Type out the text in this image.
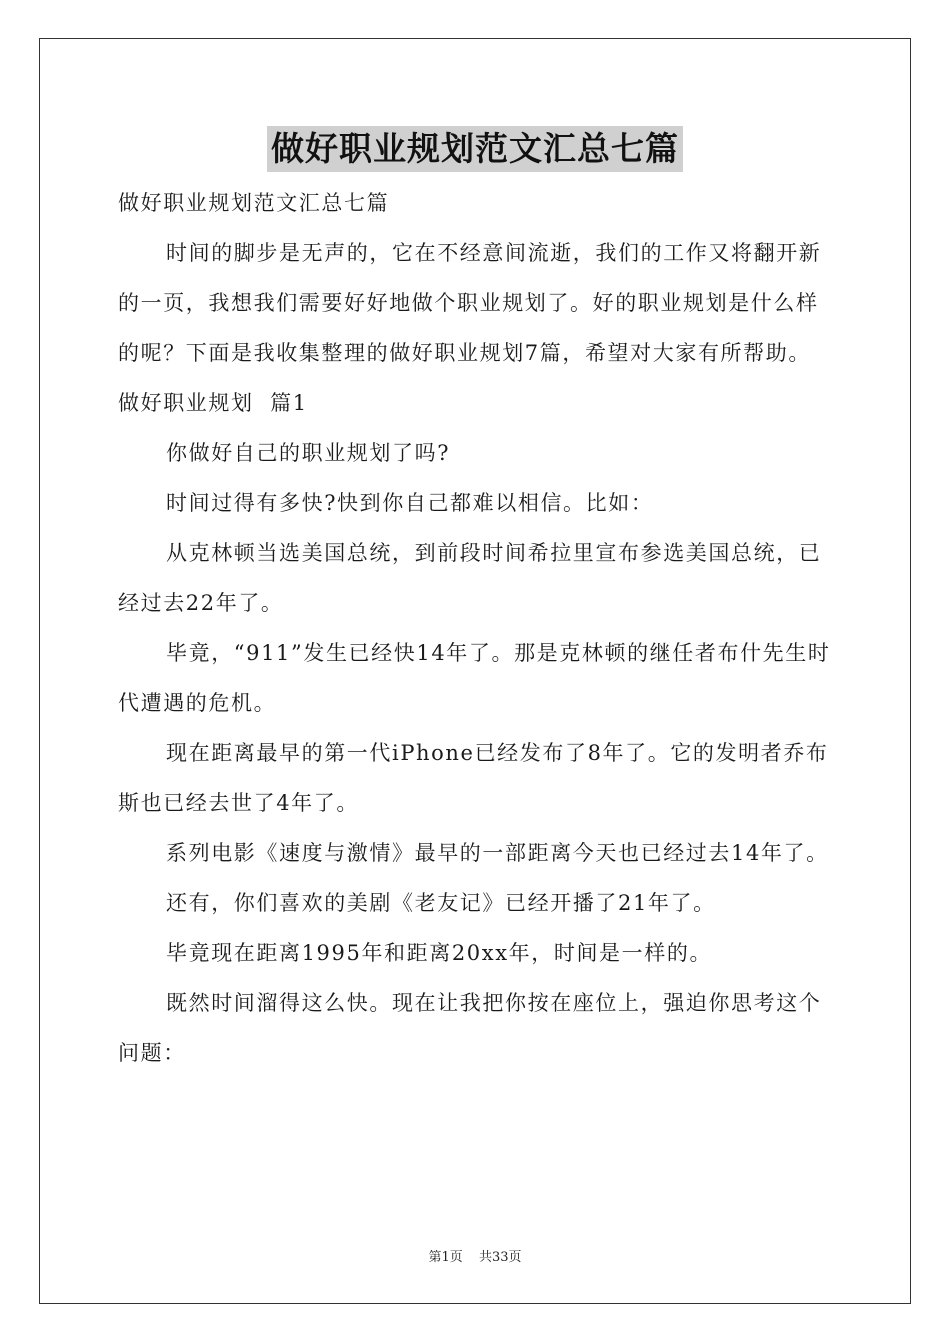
做好职业规划范文汇总七篇

做好职业规划范文汇总七篇

时间的脚步是无声的，它在不经意间流逝，我们的工作又将翻开新的一页，我想我们需要好好地做个职业规划了。好的职业规划是什么样的呢？下面是我收集整理的做好职业规划7篇，希望对大家有所帮助。

做好职业规划  篇1

你做好自己的职业规划了吗?

时间过得有多快?快到你自己都难以相信。比如：

从克林顿当选美国总统，到前段时间希拉里宣布参选美国总统，已经过去22年了。

毕竟，“911”发生已经快14年了。那是克林顿的继任者布什先生时代遭遇的危机。

现在距离最早的第一代iPhone已经发布了8年了。它的发明者乔布斯也已经去世了4年了。

系列电影《速度与激情》最早的一部距离今天也已经过去14年了。

还有，你们喜欢的美剧《老友记》已经开播了21年了。

毕竟现在距离1995年和距离20xx年，时间是一样的。

既然时间溜得这么快。现在让我把你按在座位上，强迫你思考这个问题：

第1页 共33页
